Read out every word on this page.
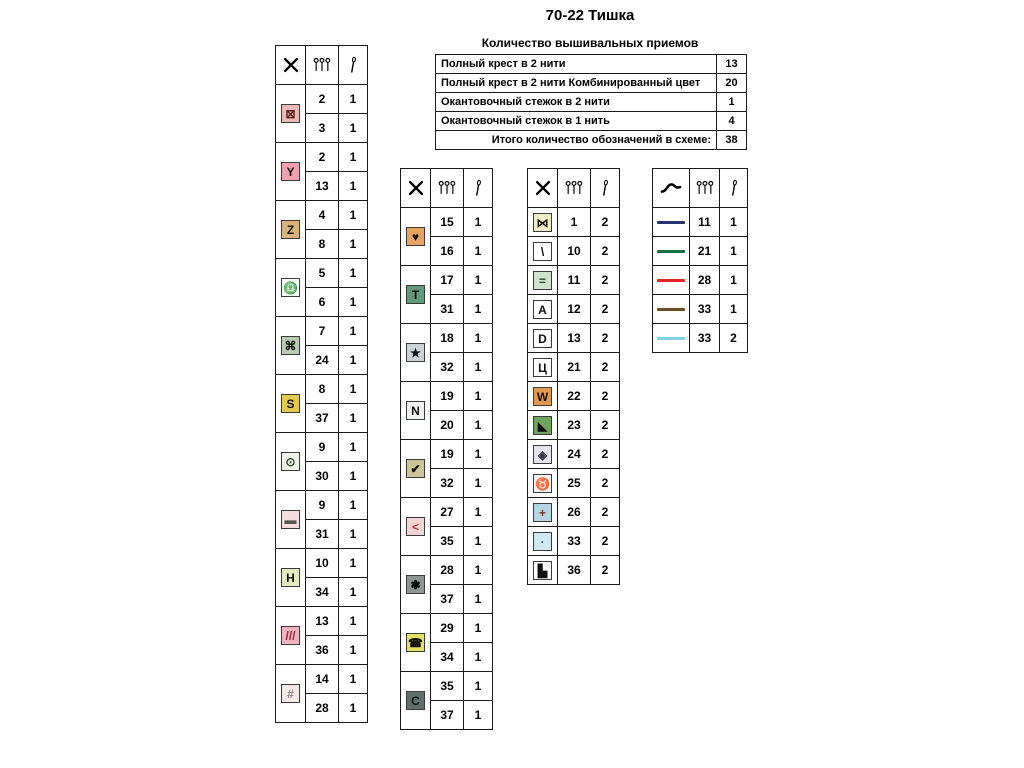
70-22 Тишка
Количество вышивальных приемов
Полный крест в 2 нити	13
Полный крест в 2 нити Комбинированный цвет	20
Окантовочный стежок в 2 нити	1
Окантовочный стежок в 1 нить	4
Итого количество обозначений в схеме:	38

⊠	2	1
	3	1

Y	2	1
	13	1

Z	4	1
	8	1

♎	5	1
	6	1

⌘	7	1
	24	1

S	8	1
	37	1

⊙	9	1
	30	1

▬	9	1
	31	1

H	10	1
	34	1

///	13	1
	36	1

#	14	1
	28	1

♥	15	1
	16	1

T	17	1
	31	1

★	18	1
	32	1

N	19	1
	20	1

✔	19	1
	32	1

<	27	1
	35	1

❃	28	1
	37	1

☎	29	1
	34	1

C	35	1
	37	1

⋈	1	2

\	10	2

=	11	2

A	12	2

D	13	2

Ц	21	2

W	22	2

◣	23	2

◈	24	2

♉	25	2

+	26	2

·	33	2

▙	36	2

	11	1

	21	1

	28	1

	33	1

	33	2
